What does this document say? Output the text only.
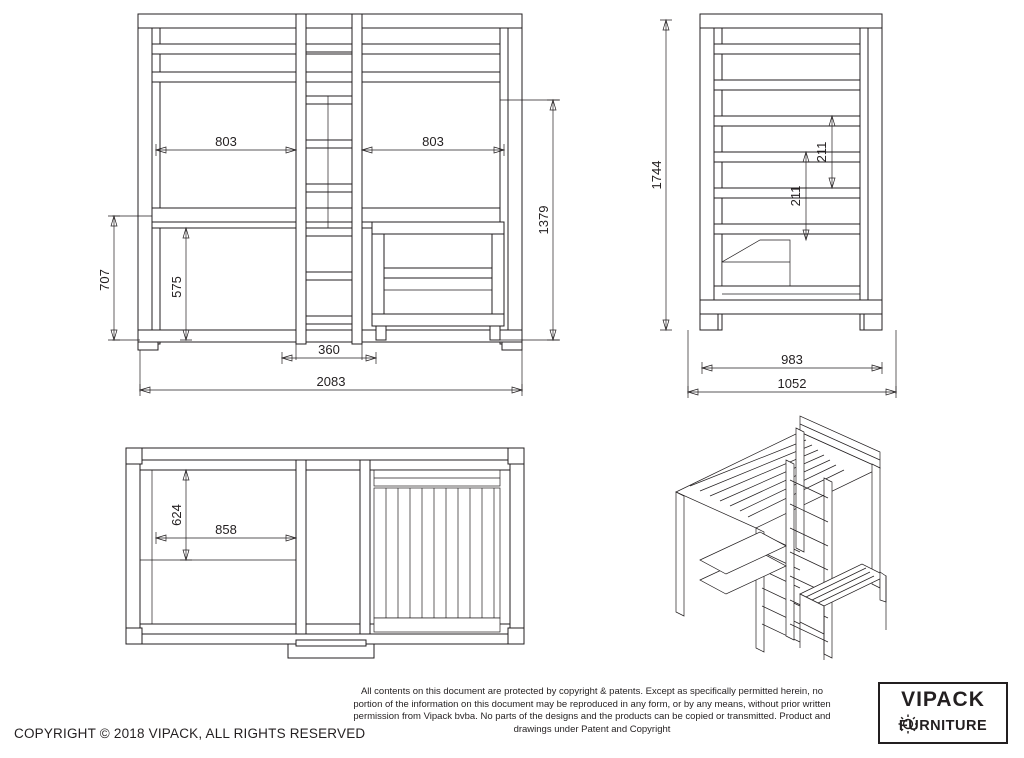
803	803
1379
707	575
360
2083
1744
211
211
983
1052
624
858
All contents on this document are protected by copyright & patents. Except as specifically permitted herein, no portion of the information on this document may be reproduced in any form, or by any means, without prior written permission from Vipack bvba. No parts of the designs and the products can be copied or transmitted. Product and drawings under Patent and Copyright
COPYRIGHT © 2018 VIPACK, ALL RIGHTS RESERVED
VIPACK
FURNITURE
